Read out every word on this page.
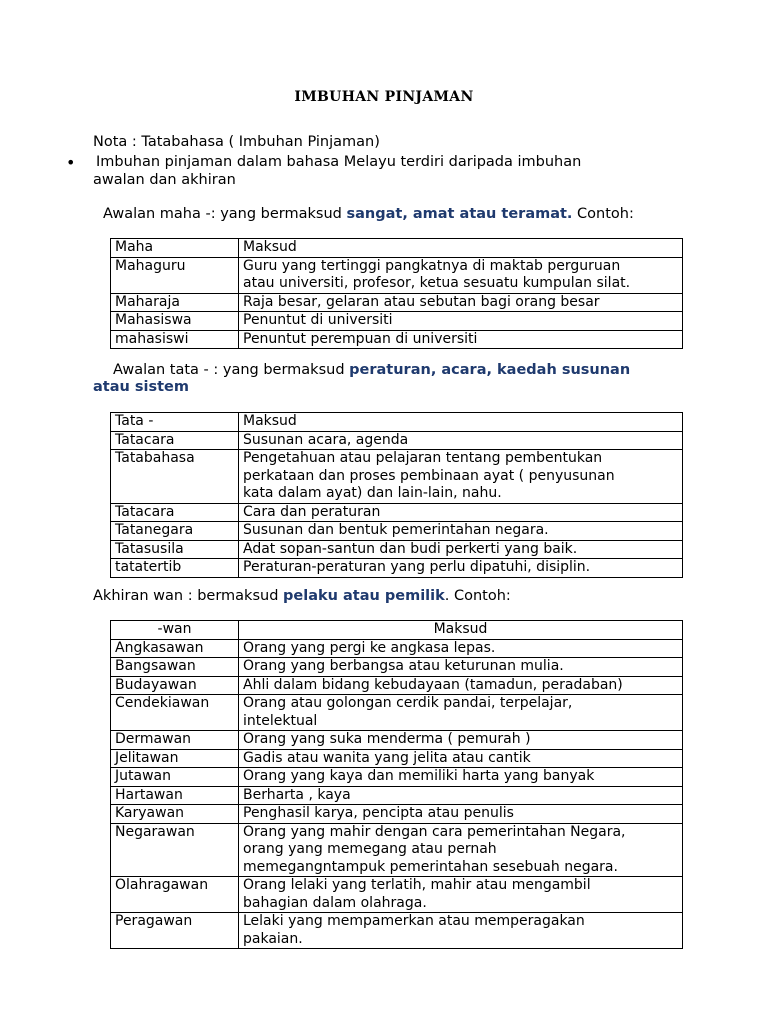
IMBUHAN PINJAMAN
Nota : Tatabahasa ( Imbuhan Pinjaman)
• Imbuhan pinjaman dalam bahasa Melayu terdiri daripada imbuhan
awalan dan akhiran
Awalan maha -: yang bermaksud sangat, amat atau teramat. Contoh:
Maha	Maksud

Mahaguru	Guru yang tertinggi pangkatnya di maktab perguruan
atau universiti, profesor, ketua sesuatu kumpulan silat.

Maharaja	Raja besar, gelaran atau sebutan bagi orang besar

Mahasiswa	Penuntut di universiti

mahasiswi	Penuntut perempuan di universiti
Awalan tata - : yang bermaksud peraturan, acara, kaedah susunan
atau sistem
Tata -	Maksud

Tatacara	Susunan acara, agenda

Tatabahasa	Pengetahuan atau pelajaran tentang pembentukan
perkataan dan proses pembinaan ayat ( penyusunan
kata dalam ayat) dan lain-lain, nahu.

Tatacara	Cara dan peraturan

Tatanegara	Susunan dan bentuk pemerintahan negara.

Tatasusila	Adat sopan-santun dan budi perkerti yang baik.

tatatertib	Peraturan-peraturan yang perlu dipatuhi, disiplin.
Akhiran wan : bermaksud pelaku atau pemilik. Contoh:
-wan	Maksud

Angkasawan	Orang yang pergi ke angkasa lepas.

Bangsawan	Orang yang berbangsa atau keturunan mulia.

Budayawan	Ahli dalam bidang kebudayaan (tamadun, peradaban)

Cendekiawan	Orang atau golongan cerdik pandai, terpelajar,
intelektual

Dermawan	Orang yang suka menderma ( pemurah )

Jelitawan	Gadis atau wanita yang jelita atau cantik

Jutawan	Orang yang kaya dan memiliki harta yang banyak

Hartawan	Berharta , kaya

Karyawan	Penghasil karya, pencipta atau penulis

Negarawan	Orang yang mahir dengan cara pemerintahan Negara,
orang yang memegang atau pernah
memegangntampuk pemerintahan sesebuah negara.

Olahragawan	Orang lelaki yang terlatih, mahir atau mengambil
bahagian dalam olahraga.

Peragawan	Lelaki yang mempamerkan atau memperagakan
pakaian.
